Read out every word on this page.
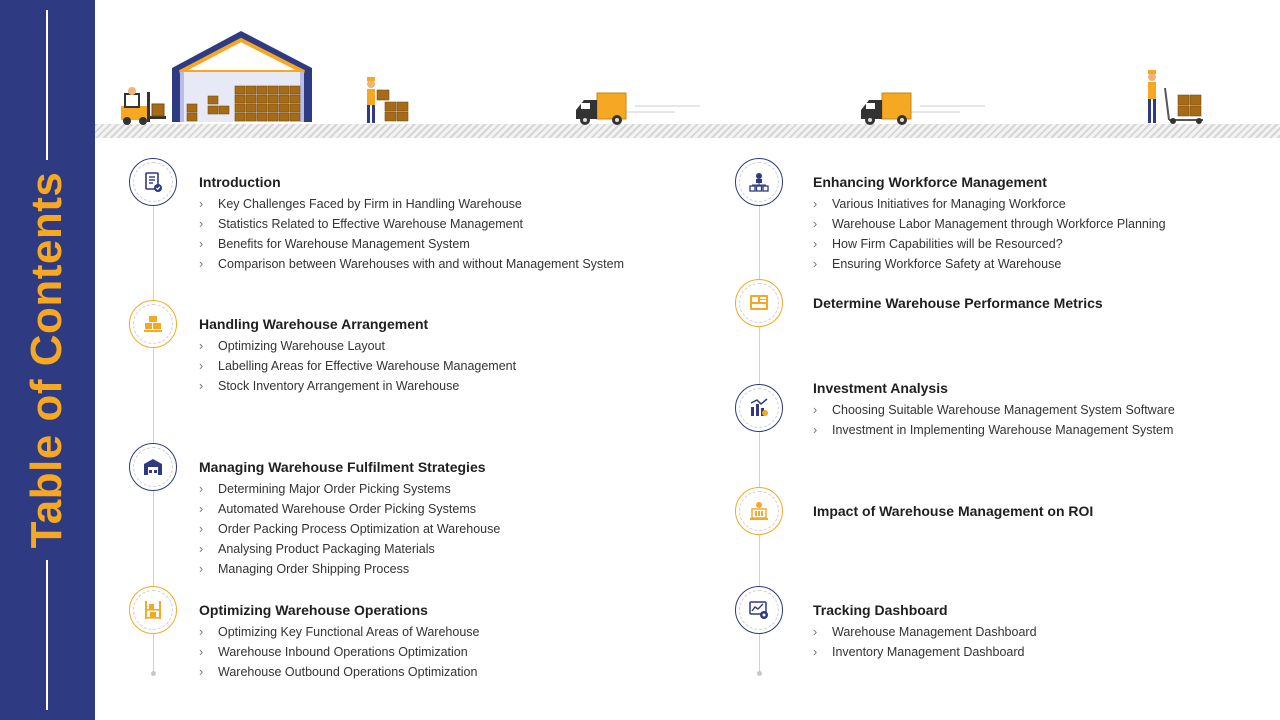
Table of Contents	Introduction
› Key Challenges Faced by Firm in Handling Warehouse
› Statistics Related to Effective Warehouse Management
› Benefits for Warehouse Management System
› Comparison between Warehouses with and without Management System
Handling Warehouse Arrangement
› Optimizing Warehouse Layout
› Labelling Areas for Effective Warehouse Management
› Stock Inventory Arrangement in Warehouse
Managing Warehouse Fulfilment Strategies
› Determining Major Order Picking Systems
› Automated Warehouse Order Picking Systems
› Order Packing Process Optimization at Warehouse
› Analysing Product Packaging Materials
› Managing Order Shipping Process
Optimizing Warehouse Operations
› Optimizing Key Functional Areas of Warehouse
› Warehouse Inbound Operations Optimization
› Warehouse Outbound Operations Optimization
Enhancing Workforce Management
› Various Initiatives for Managing Workforce
› Warehouse Labor Management through Workforce Planning
› How Firm Capabilities will be Resourced?
› Ensuring Workforce Safety at Warehouse
Determine Warehouse Performance Metrics
Investment Analysis
› Choosing Suitable Warehouse Management System Software
› Investment in Implementing Warehouse Management System
Impact of Warehouse Management on ROI
Tracking Dashboard
› Warehouse Management Dashboard
› Inventory Management Dashboard
